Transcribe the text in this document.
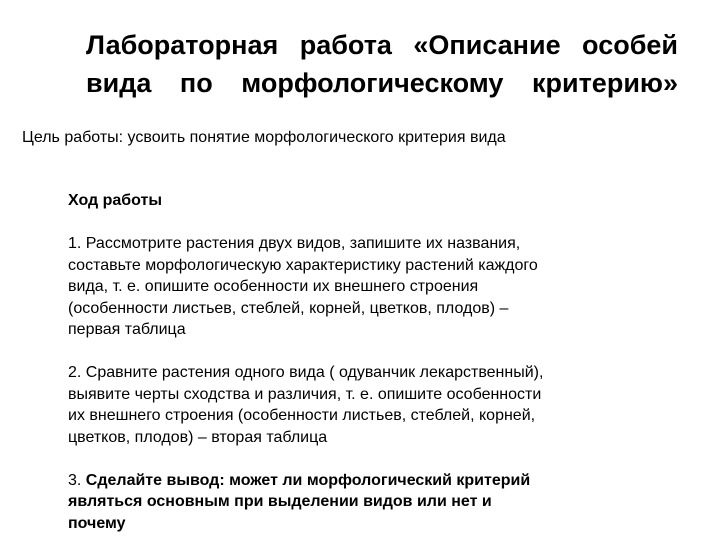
Лабораторная работа «Описание особей
вида по морфологическому критерию»

Цель работы: усвоить понятие морфологического критерия вида

Ход работы

1. Рассмотрите растения двух видов, запишите их названия,

составьте морфологическую характеристику растений каждого

вида, т. е. опишите особенности их внешнего строения

(особенности листьев, стеблей, корней, цветков, плодов) –

первая таблица

2. Сравните растения одного вида ( одуванчик лекарственный),

выявите черты сходства и различия, т. е. опишите особенности

их внешнего строения (особенности листьев, стеблей, корней,

цветков, плодов) – вторая таблица

3. Сделайте вывод: может ли морфологический критерий

являться основным при выделении видов или нет и

почему
